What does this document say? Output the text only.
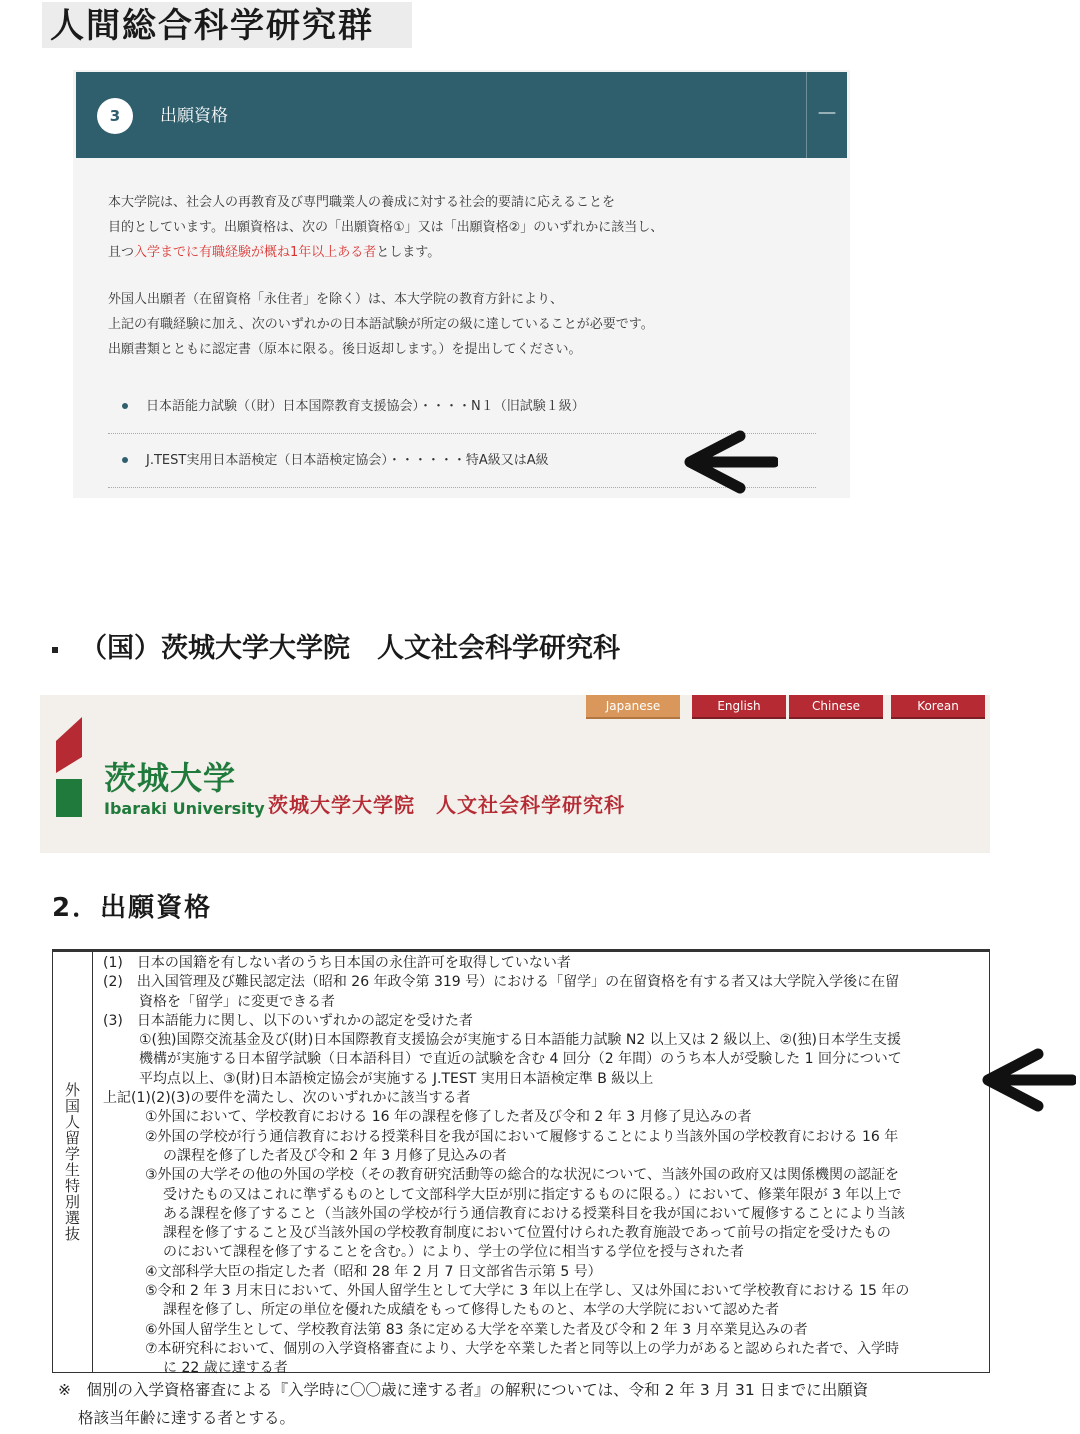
人間総合科学研究群
3	出願資格	－
本大学院は、社会人の再教育及び専門職業人の養成に対する社会的要請に応えることを
目的としています。出願資格は、次の「出願資格①」又は「出願資格②」のいずれかに該当し、
且つ入学までに有職経験が概ね1年以上ある者とします。
外国人出願者（在留資格「永住者」を除く）は、本大学院の教育方針により、
上記の有職経験に加え、次のいずれかの日本語試験が所定の級に達していることが必要です。
出願書類とともに認定書（原本に限る。後日返却します。）を提出してください。
日本語能力試験（（財）日本国際教育支援協会）・・・・N１（旧試験１級）
J.TEST実用日本語検定（日本語検定協会）・・・・・・特A級又はA級
（国）茨城大学大学院　人文社会科学研究科
Japanese	English	Chinese	Korean
茨城大学
Ibaraki University 茨城大学大学院　人文社会科学研究科
2．出願資格
外国人留学生特別選抜
(1)　日本の国籍を有しない者のうち日本国の永住許可を取得していない者
(2)　出入国管理及び難民認定法（昭和 26 年政令第 319 号）における「留学」の在留資格を有する者又は大学院入学後に在留
資格を「留学」に変更できる者
(3)　日本語能力に関し、以下のいずれかの認定を受けた者
①(独)国際交流基金及び(財)日本国際教育支援協会が実施する日本語能力試験 N2 以上又は 2 級以上、②(独)日本学生支援
機構が実施する日本留学試験（日本語科目）で直近の試験を含む 4 回分（2 年間）のうち本人が受験した 1 回分について
平均点以上、③(財)日本語検定協会が実施する J.TEST 実用日本語検定準 B 級以上
上記(1)(2)(3)の要件を満たし、次のいずれかに該当する者
①外国において、学校教育における 16 年の課程を修了した者及び令和 2 年 3 月修了見込みの者
②外国の学校が行う通信教育における授業科目を我が国において履修することにより当該外国の学校教育における 16 年
の課程を修了した者及び令和 2 年 3 月修了見込みの者
③外国の大学その他の外国の学校（その教育研究活動等の総合的な状況について、当該外国の政府又は関係機関の認証を
受けたもの又はこれに準ずるものとして文部科学大臣が別に指定するものに限る。）において、修業年限が 3 年以上で
ある課程を修了すること（当該外国の学校が行う通信教育における授業科目を我が国において履修することにより当該
課程を修了すること及び当該外国の学校教育制度において位置付けられた教育施設であって前号の指定を受けたもの
のにおいて課程を修了することを含む。）により、学士の学位に相当する学位を授与された者
④文部科学大臣の指定した者（昭和 28 年 2 月 7 日文部省告示第 5 号）
⑤令和 2 年 3 月末日において、外国人留学生として大学に 3 年以上在学し、又は外国において学校教育における 15 年の
課程を修了し、所定の単位を優れた成績をもって修得したものと、本学の大学院において認めた者
⑥外国人留学生として、学校教育法第 83 条に定める大学を卒業した者及び令和 2 年 3 月卒業見込みの者
⑦本研究科において、個別の入学資格審査により、大学を卒業した者と同等以上の学力があると認められた者で、入学時
に 22 歳に達する者
※　個別の入学資格審査による『入学時に〇〇歳に達する者』の解釈については、令和 2 年 3 月 31 日までに出願資
格該当年齢に達する者とする。
